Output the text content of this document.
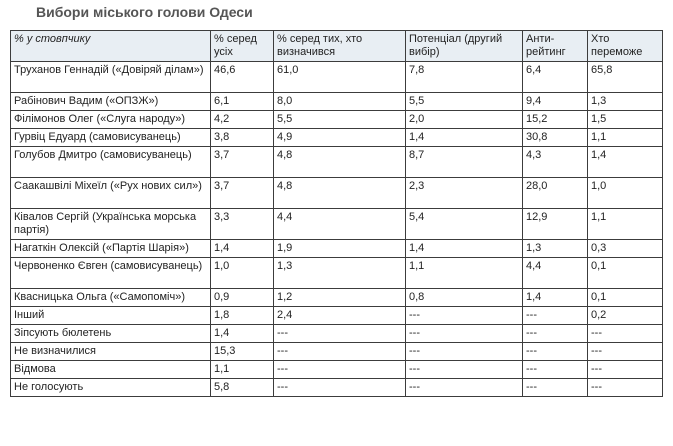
Вибори міського голови Одеси
% у стовпчику	% серед усіх	% серед тих, хто визначився	Потенціал (другий вибір)	Анти-рейтинг	Хто переможе
Труханов Геннадій («Довіряй ділам»)	46,6	61,0	7,8	6,4	65,8
Рабінович Вадим («ОПЗЖ»)	6,1	8,0	5,5	9,4	1,3
Філімонов Олег («Слуга народу»)	4,2	5,5	2,0	15,2	1,5
Гурвіц Едуард (самовисуванець)	3,8	4,9	1,4	30,8	1,1
Голубов Дмитро (самовисуванець)	3,7	4,8	8,7	4,3	1,4
Саакашвілі Міхеїл («Рух нових сил»)	3,7	4,8	2,3	28,0	1,0
Ківалов Сергій (Українська морська партія)	3,3	4,4	5,4	12,9	1,1
Нагаткін Олексій («Партія Шарія»)	1,4	1,9	1,4	1,3	0,3
Червоненко Євген (самовисуванець)	1,0	1,3	1,1	4,4	0,1
Квасницька Ольга («Самопоміч»)	0,9	1,2	0,8	1,4	0,1
Інший	1,8	2,4	---	---	0,2
Зіпсують бюлетень	1,4	---	---	---	---
Не визначилися	15,3	---	---	---	---
Відмова	1,1	---	---	---	---
Не голосують	5,8	---	---	---	---
